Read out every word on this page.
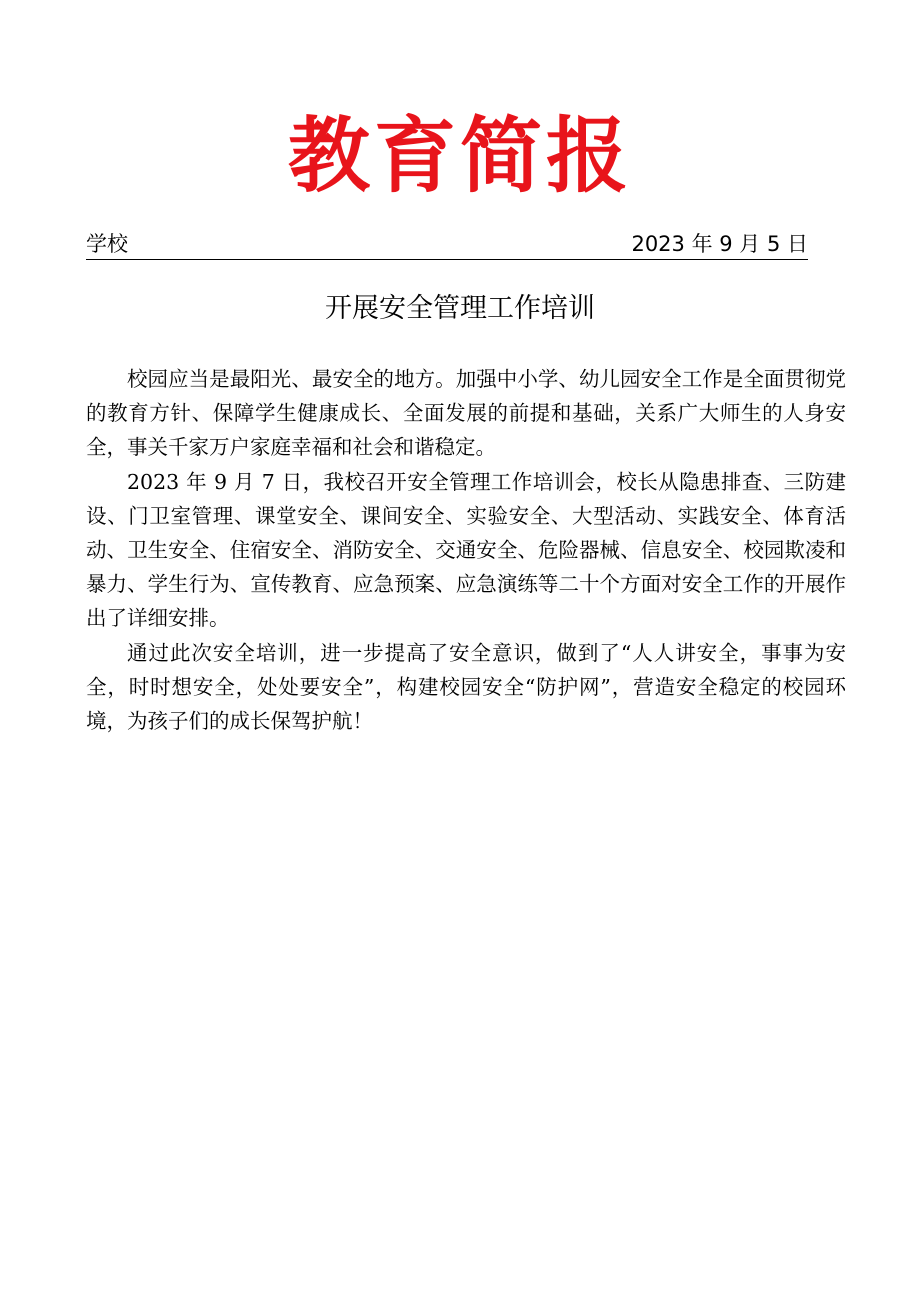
教育简报
学校	2023 年 9 月 5 日
开展安全管理工作培训

校园应当是最阳光、最安全的地方。加强中小学、幼儿园安全工作是全面贯彻党的教育方针、保障学生健康成长、全面发展的前提和基础，关系广大师生的人身安全，事关千家万户家庭幸福和社会和谐稳定。

2023 年 9 月 7 日，我校召开安全管理工作培训会，校长从隐患排查、三防建设、门卫室管理、课堂安全、课间安全、实验安全、大型活动、实践安全、体育活动、卫生安全、住宿安全、消防安全、交通安全、危险器械、信息安全、校园欺凌和暴力、学生行为、宣传教育、应急预案、应急演练等二十个方面对安全工作的开展作出了详细安排。

通过此次安全培训，进一步提高了安全意识，做到了“人人讲安全，事事为安全，时时想安全，处处要安全”，构建校园安全“防护网”，营造安全稳定的校园环境，为孩子们的成长保驾护航！
